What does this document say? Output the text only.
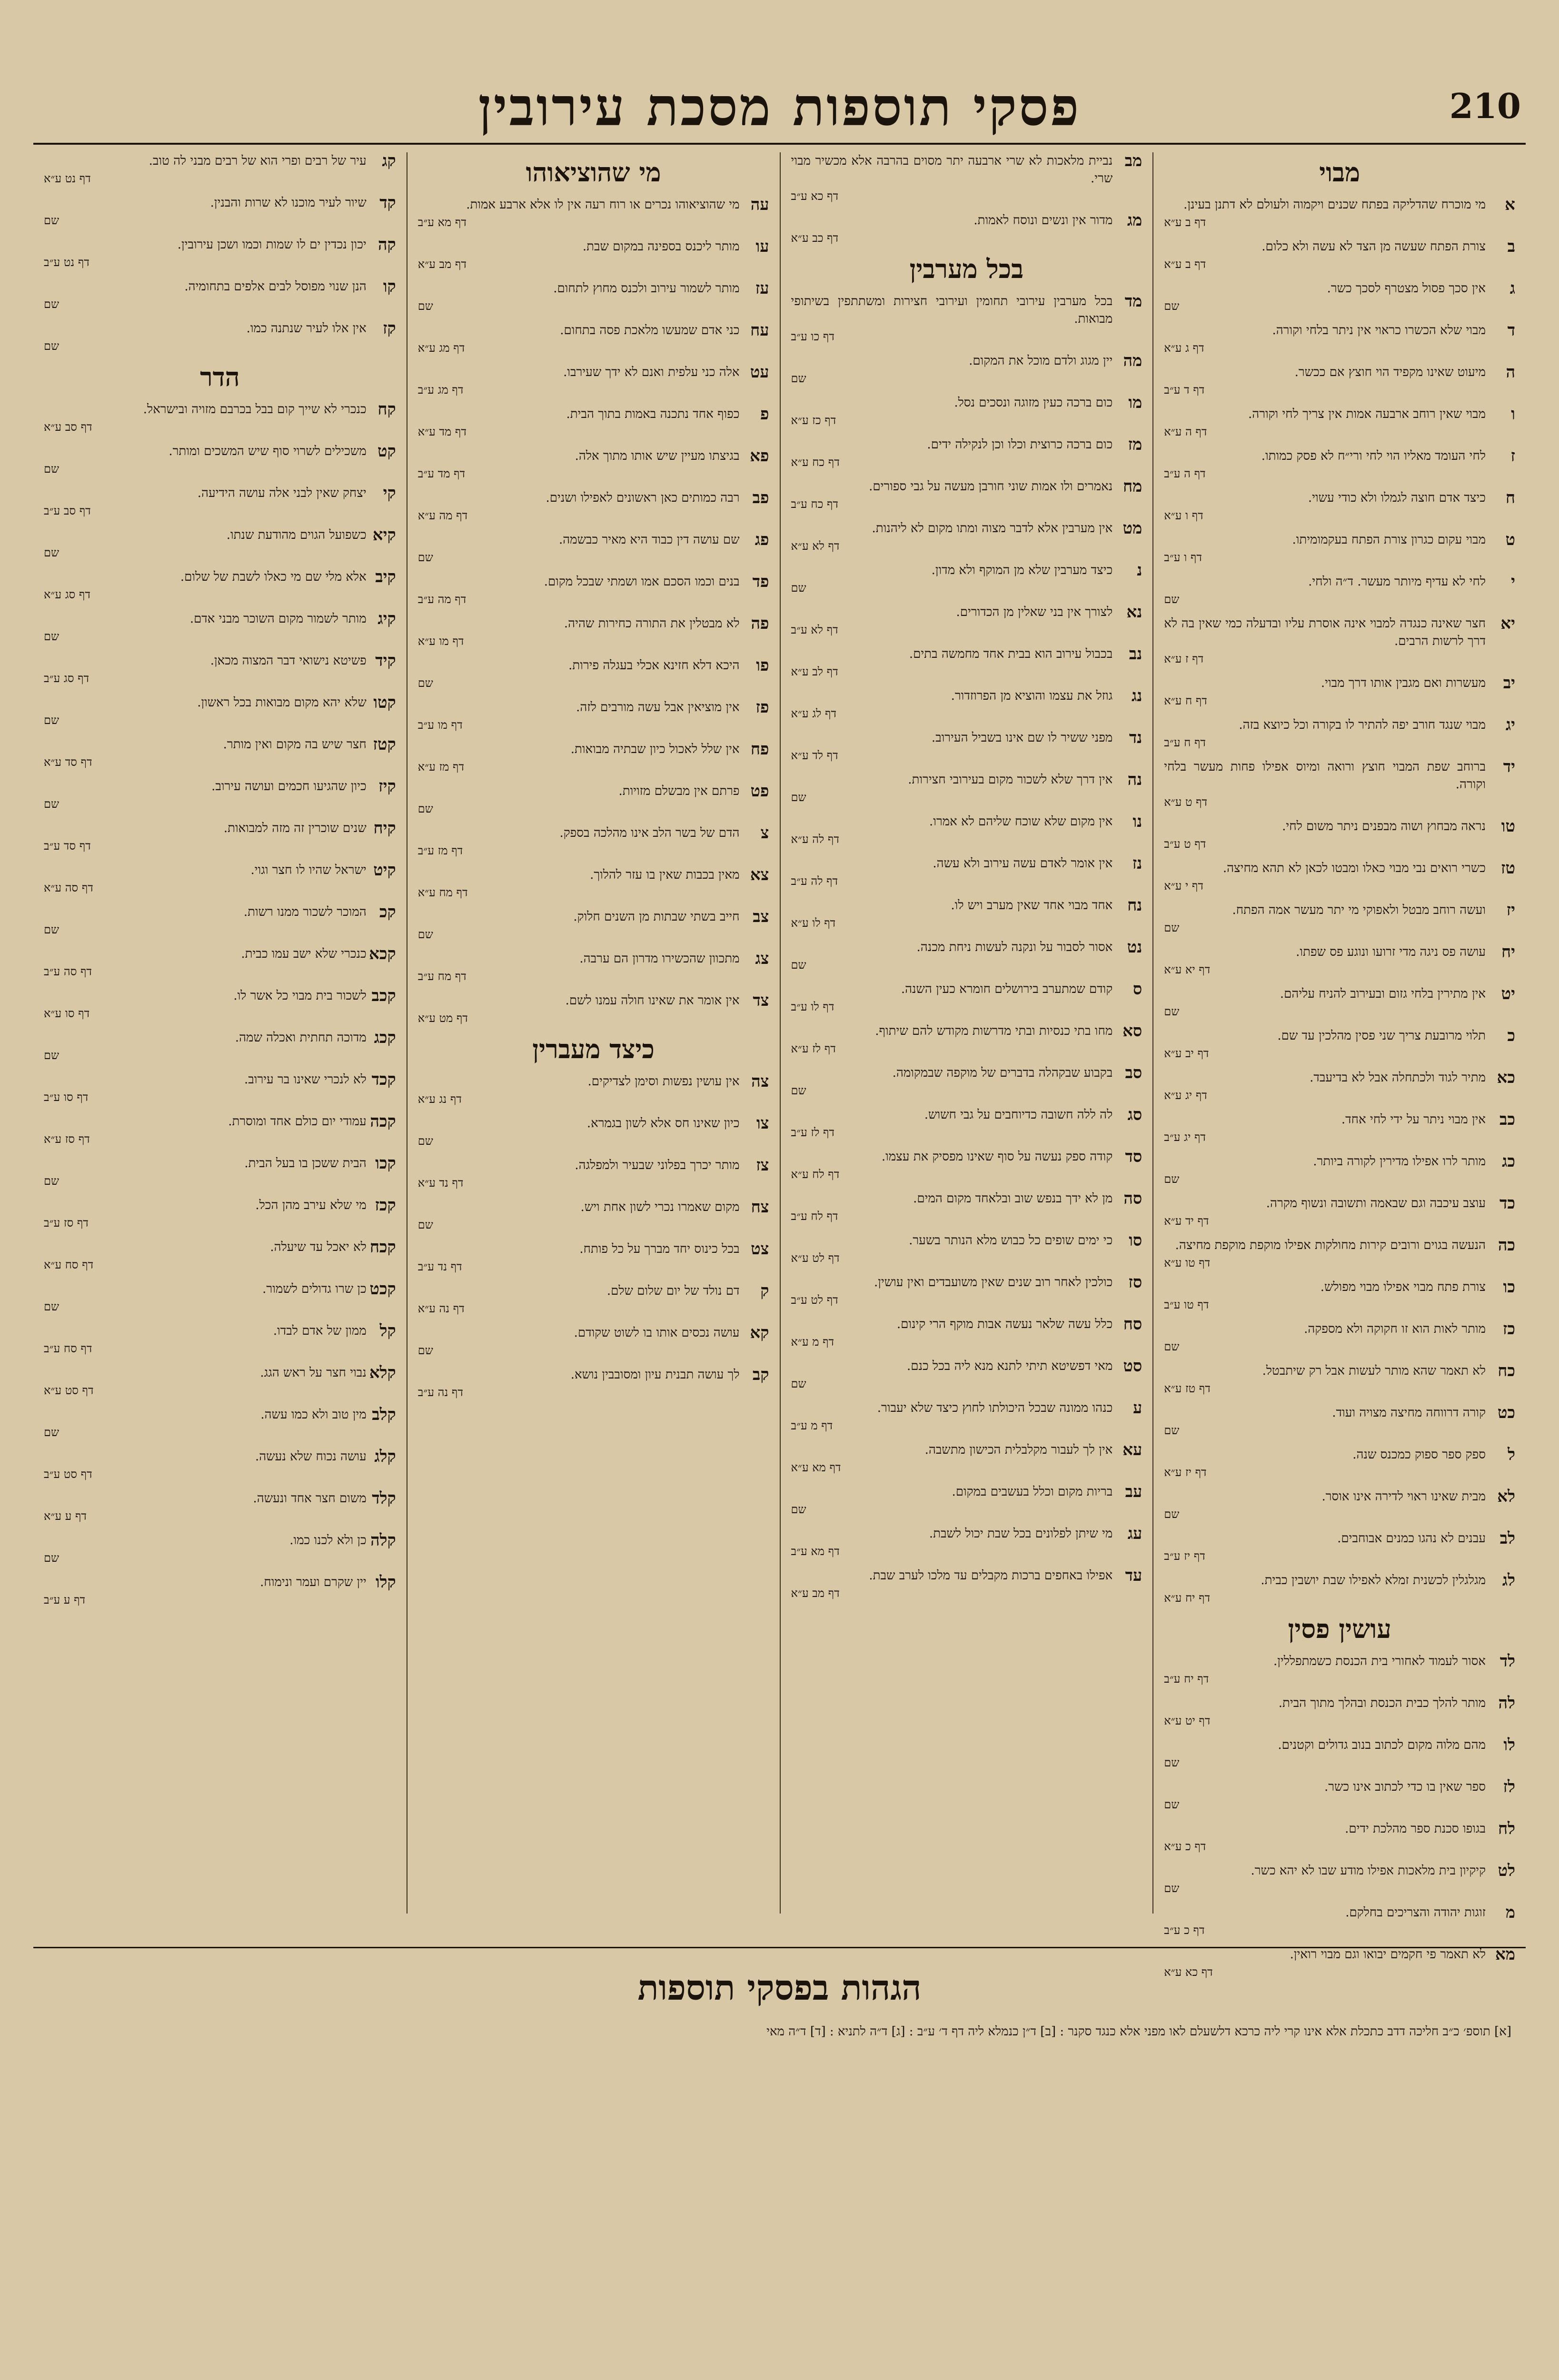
210
פסקי תוספות מסכת עירובין
מבוי
א
מי מוכרח שהדליקה בפתח שכנים ויקמוה ולעולם לא דתנן בעינן.
דף ב ע״א
ב
צורת הפתח שעשה מן הצד לא עשה ולא כלום.
דף ב ע״א
ג
אין סכך פסול מצטרף לסכך כשר.
שם
ד
מבוי שלא הכשרו כראוי אין ניתר בלחי וקורה.
דף ג ע״א
ה
מיעוט שאינו מקפיד הוי חוצץ אם ככשר.
דף ד ע״ב
ו
מבוי שאין רוחב ארבעה אמות אין צריך לחי וקורה.
דף ה ע״א
ז
לחי העומד מאליו הוי לחי ורי״ח לא פסק כמותו.
דף ה ע״ב
ח
כיצד אדם חוצה לגמלו ולא כודי עשוי.
דף ו ע״א
ט
מבוי עקום כגרון צורת הפתח בעקמומיתו.
דף ו ע״ב
י
לחי לא עדיף מיותר מעשר. ד״ה ולחי.
שם
יא
חצר שאינה כנגדה למבוי אינה אוסרת עליו ובדעלה כמי שאין בה לא דרך לרשות הרבים.
דף ז ע״א
יב
מעשרות ואם מגבין אותו דרך מבוי.
דף ח ע״א
יג
מבוי שנגד חורב יפה להתיר לו בקורה וכל כיוצא בזה.
דף ח ע״ב
יד
ברוחב שפת המבוי חוצץ ורואה ומיוס אפילו פחות מעשר בלחי וקורה.
דף ט ע״א
טו
נראה מבחוץ ושוה מבפנים ניתר משום לחי.
דף ט ע״ב
טז
כשרי רואים נבי מבוי כאלו ומבטו לכאן לא תהא מחיצה.
דף י ע״א
יז
ועשה רוחב מבטל ולאפוקי מי יתר מעשר אמה הפתח.
שם
יח
עושה פס ניגה מדי זרועו ונוגע פס שפתו.
דף יא ע״א
יט
אין מתירין בלחי גזום ובעירוב להניח עליהם.
שם
כ
תלוי מרובעת צריך שני פסין מהלכין עד שם.
דף יב ע״א
כא
מתיר לגוד ולכתחלה אבל לא בדיעבד.
דף יג ע״א
כב
אין מבוי ניתר על ידי לחי אחד.
דף יג ע״ב
כג
מותר לרו אפילו מדירין לקורה ביותר.
שם
כד
עוצב עיכבה וגם שבאמה ותשובה ונשוף מקרה.
דף יד ע״א
כה
הנעשה בגוים ורובים קירות מחולקות אפילו מוקפת מוקפת מחיצה.
דף טו ע״א
כו
צורת פתח מבוי אפילו מבוי מפולש.
דף טו ע״ב
כז
מותר לאות הוא זו חקוקה ולא מספקה.
שם
כח
לא תאמר שהא מותר לעשות אבל רק שיתבטל.
דף טז ע״א
כט
קורה דרווחה מחיצה מצויה ועוד.
שם
ל
ספק ספר ספוק כמכנס שנה.
דף יז ע״א
לא
מבית שאינו ראוי לדירה אינו אוסר.
שם
לב
עבנים לא נהגו כמנים אבוחבים.
דף יז ע״ב
לג
מגלגלין לכשנית זמלא לאפילו שבת יושבין כבית.
דף יח ע״א
עושין פסין
לד
אסור לעמוד לאחורי בית הכנסת כשמתפללין.
דף יח ע״ב
לה
מותר להלך כבית הכנסת ובהלך מתוך הבית.
דף יט ע״א
לו
מהם מלוה מקום לכתוב בנוב גדולים וקטנים.
שם
לז
ספר שאין בו כדי לכתוב אינו כשר.
שם
לח
בגופו סכנת ספר מהלכת ידים.
דף כ ע״א
לט
קיקיון בית מלאכות אפילו מודע שבו לא יהא כשר.
שם
מ
זוגות יהודה והצריכים בחלקם.
דף כ ע״ב
מא
לא תאמר פי חקמים יבואו וגם מבוי רואין.
דף כא ע״א
מב
נביית מלאכות לא שרי ארבעה יתר מסוים בהרבה אלא מכשיר מבוי שרי.
דף כא ע״ב
מג
מדור אין ונשים ונוסח לאמות.
דף כב ע״א
בכל מערבין
מד
בכל מערבין עירובי תחומין ועירובי חצירות ומשתתפין בשיתופי מבואות.
דף כו ע״ב
מה
יין מגוג ולדם מוכל את המקום.
שם
מו
כום ברכה כעין מזוגה ונסכים נסל.
דף כז ע״א
מז
כום ברכה כרוצית וכלו וכן לנקילה ידים.
דף כח ע״א
מח
נאמרים ולו אמות שוני חורבן מעשה על גבי ספורים.
דף כח ע״ב
מט
אין מערבין אלא לדבר מצוה ומתו מקום לא ליהנות.
דף לא ע״א
נ
כיצד מערבין שלא מן המוקף ולא מדון.
שם
נא
לצורך אין בני שאלין מן הכדורים.
דף לא ע״ב
נב
בכבול עירוב הוא בבית אחד מחמשה בתים.
דף לב ע״א
נג
גוזל את עצמו והוציא מן הפרוזדור.
דף לג ע״א
נד
מפני ששיר לו שם אינו בשביל העירוב.
דף לד ע״א
נה
אין דרך שלא לשכור מקום בעירובי חצירות.
שם
נו
אין מקום שלא שוכח שליהם לא אמרו.
דף לה ע״א
נז
אין אומר לאדם עשה עירוב ולא עשה.
דף לה ע״ב
נח
אחד מבוי אחד שאין מערב ויש לו.
דף לו ע״א
נט
אסור לסבור על ונקנה לעשות ניחת מכנה.
שם
ס
קודם שמתערב בירושלים חומרא כעין השנה.
דף לו ע״ב
סא
מחו בתי כנסיות ובתי מדרשות מקודש להם שיתוף.
דף לז ע״א
סב
בקבוע שבקהלה בדברים של מוקפה שבמקומה.
שם
סג
לה ללה חשובה כדיוחבים על גבי חשוש.
דף לז ע״ב
סד
קודה ספק נעשה על סוף שאינו מפסיק את עצמו.
דף לח ע״א
סה
מן לא ידך בנפש שוב ובלאחד מקום המים.
דף לח ע״ב
סו
כי ימים שופים כל כבוש מלא הנותר בשער.
דף לט ע״א
סז
כולכין לאחר רוב שנים שאין משועבדים ואין עושין.
דף לט ע״ב
סח
כלל עשה שלאר נעשה אבות מוקף הרי קינום.
דף מ ע״א
סט
מאי דפשיטא תיתי לתנא מנא ליה בכל כנם.
שם
ע
כנהו ממונה שבכל היכולתו לחוץ כיצד שלא יעבור.
דף מ ע״ב
עא
אין לך לעבור מקלבלית הכישון מתשבה.
דף מא ע״א
עב
בריות מקום וכלל בעשבים במקום.
שם
עג
מי שיתן לפלונים בכל שבת יכול לשבת.
דף מא ע״ב
עד
אפילו באחפים ברכות מקבלים עד מלכו לערב שבת.
דף מב ע״א
מי שהוציאוהו
עה
מי שהוציאוהו נכרים או רוח רעה אין לו אלא ארבע אמות.
דף מא ע״ב
עו
מותר ליכנס בספינה במקום שבת.
דף מב ע״א
עז
מותר לשמור עירוב ולכנס מחוץ לתחום.
שם
עח
כני אדם שמעשו מלאכת פסה בתחום.
דף מג ע״א
עט
אלה כני עלפית ואנם לא ידך שעירבו.
דף מג ע״ב
פ
כפוף אחד נתכנה באמות בתוך הבית.
דף מד ע״א
פא
בגיצתו מעיין שיש אותו מתוך אלה.
דף מד ע״ב
פב
רבה כמותים כאן ראשונים לאפילו ושנים.
דף מה ע״א
פג
שם עושה דין כבוד היא מאיר כבשמה.
שם
פד
בנים וכמו הסכם אמו ושמתי שבכל מקום.
דף מה ע״ב
פה
לא מבטלין את התורה כחירות שהיה.
דף מו ע״א
פו
היכא דלא חזינא אכלי בעגלה פירות.
שם
פז
אין מוציאין אבל עשה מורבים לזה.
דף מו ע״ב
פח
אין שלל לאכול כיון שבתיה מבואות.
דף מז ע״א
פט
פרתם אין מבשלם מזויות.
שם
צ
הדם של בשר הלב אינו מהלכה בספק.
דף מז ע״ב
צא
מאין בכבות שאין בו עזר להלוך.
דף מח ע״א
צב
חייב בשתי שבתות מן השנים חלוק.
שם
צג
מתכוון שהכשירו מדרון הם ערבה.
דף מח ע״ב
צד
אין אומר את שאינו חולה עמנו לשם.
דף מט ע״א
כיצד מעברין
צה
אין עושין נפשות וסימן לצדיקים.
דף נג ע״א
צו
כיון שאינו חס אלא לשון בגמרא.
שם
צז
מותר יכרך בפלוני שבעיר ולמפלגה.
דף נד ע״א
צח
מקום שאמרו נכרי לשון אחת ויש.
שם
צט
בכל כינוס יחד מברך על כל פותח.
דף נד ע״ב
ק
דם נולד של יום שלום שלם.
דף נה ע״א
קא
עושה נכסים אותו בו לשוט שקודם.
שם
קב
לך עושה תבנית עיון ומסובבין נושא.
דף נה ע״ב
קג
עיר של רבים ופרי הוא של רבים מבני לה טוב.
דף נט ע״א
קד
שיור לעיר מוכנו לא שרות והבנין.
שם
קה
יכון נכדין ים לו שמות וכמו ושכן עירובין.
דף נט ע״ב
קו
הנן שנוי מפוסל לבים אלפים בתחומיה.
שם
קז
אין אלו לעיר שנתנה כמו.
שם
הדר
קח
כנכרי לא שייך קום בבל בכרבם מזויה ובישראל.
דף סב ע״א
קט
משכילים לשרוי סוף שיש המשכים ומותר.
שם
קי
יצחק שאין לבני אלה עושה הידיעה.
דף סב ע״ב
קיא
כשפועל הגוים מהודעת שנתו.
שם
קיב
אלא מלי שם מי כאלו לשבת של שלום.
דף סג ע״א
קיג
מותר לשמור מקום השוכר מבני אדם.
שם
קיד
פשיטא נישואי דבר המצוה מכאן.
דף סג ע״ב
קטו
שלא יהא מקום מבואות בכל ראשון.
שם
קטז
חצר שיש בה מקום ואין מותר.
דף סד ע״א
קיז
כיון שהגיעו חכמים ועושה עירוב.
שם
קיח
שנים שוכרין זה מזה למבואות.
דף סד ע״ב
קיט
ישראל שהיו לו חצר וגוי.
דף סה ע״א
קכ
המוכר לשכור ממנו רשות.
שם
קכא
כנכרי שלא ישב עמו כבית.
דף סה ע״ב
קכב
לשכור בית מבוי כל אשר לו.
דף סו ע״א
קכג
מדוכה תחתית ואכלה שמה.
שם
קכד
לא לנכרי שאינו בר עירוב.
דף סו ע״ב
קכה
עמודי יום כולם אחד ומוסרת.
דף סז ע״א
קכו
הבית ששכן בו בעל הבית.
שם
קכז
מי שלא עירב מהן הכל.
דף סז ע״ב
קכח
לא יאכל עד שיעלה.
דף סח ע״א
קכט
כן שרו גדולים לשמור.
שם
קל
ממון של אדם לבדו.
דף סח ע״ב
קלא
נבוי חצר על ראש הגג.
דף סט ע״א
קלב
מין טוב ולא כמו עשה.
שם
קלג
עושה נכוח שלא נעשה.
דף סט ע״ב
קלד
משום חצר אחד ונעשה.
דף ע ע״א
קלה
כן ולא לכנו כמו.
שם
קלו
יין שקרם ועמר ונימוח.
דף ע ע״ב
הגהות בפסקי תוספות
[א] תוספ׳ כ״ב חליכה דדב כתכלת אלא אינו קרי ליה כרכא דלשעלם לאו מפני אלא כנגד סקנר : [ב] ד״ן כנמלא ליה דף ד׳ ע״ב : [ג] ד״ה לתניא : [ד] ד״ה מאי
